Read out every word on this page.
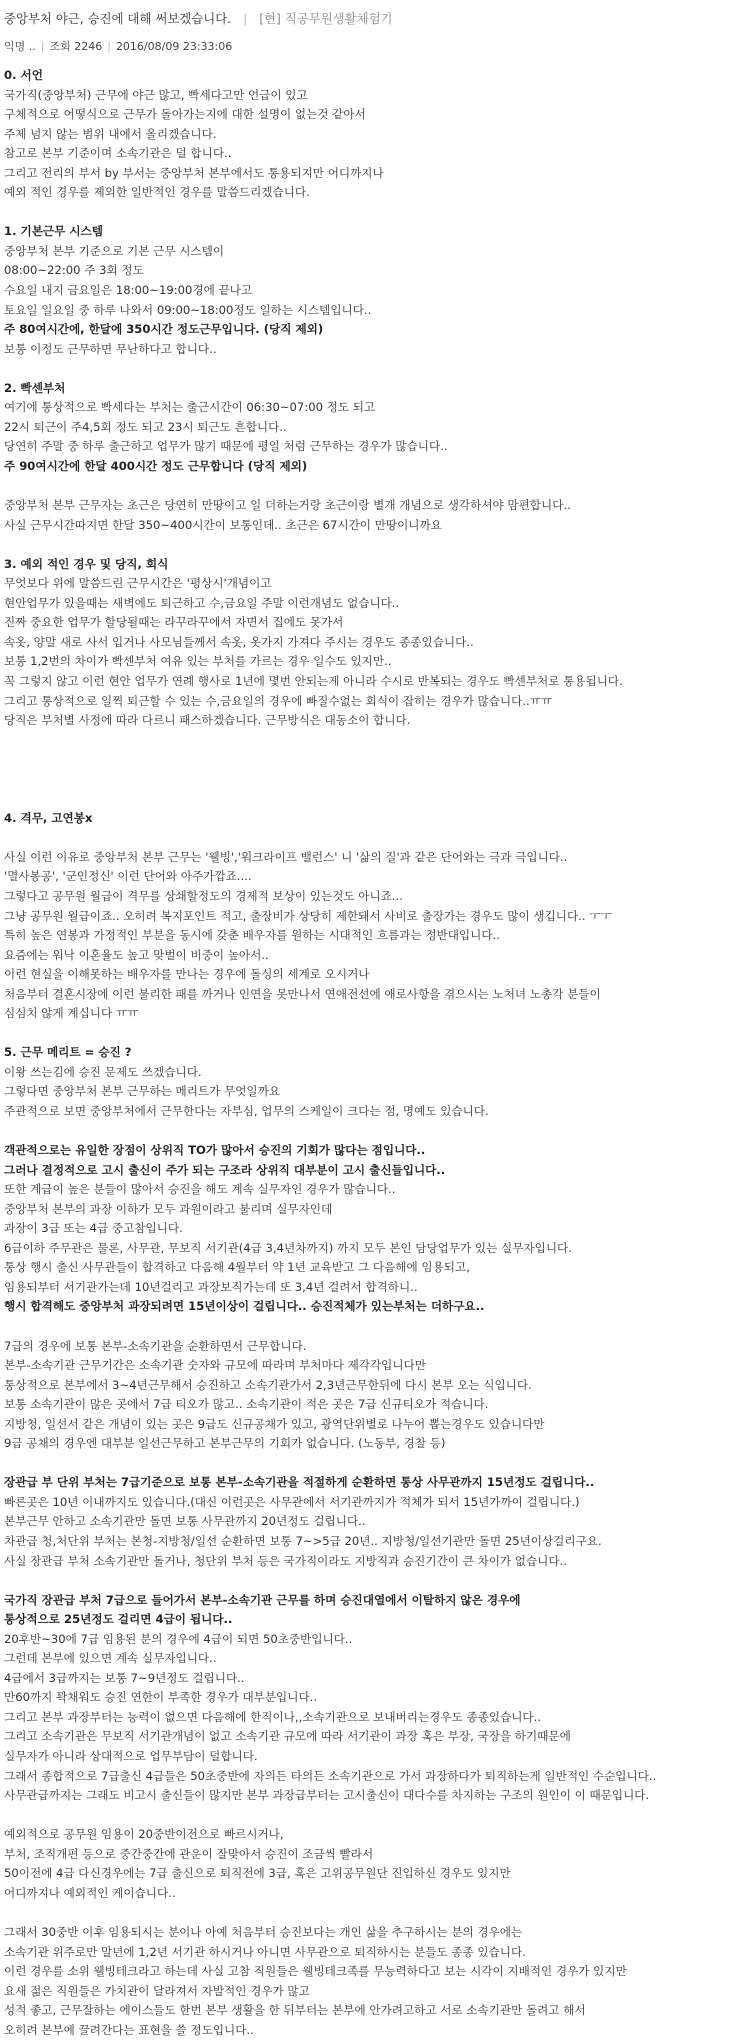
중앙부처 야근, 승진에 대해 써보겠습니다. | [현] 직공무원생활체험기
익명 .. | 조회 2246 | 2016/08/09 23:33:06

0. 서언

국가직(중앙부처) 근무에 야근 많고, 빡세다고만 언급이 있고

구체적으로 어떻식으로 근무가 돌아가는지에 대한 설명이 없는것 같아서

주제 넘지 않는 범위 내에서 올리겠습니다.

참고로 본부 기준이며 소속기관은 덜 합니다..

그리고 전리의 부서 by 부서는 중앙부처 본부에서도 통용되지만 어디까지나

예외 적인 경우를 제외한 일반적인 경우를 말씀드리겠습니다.

1. 기본근무 시스템

중앙부처 본부 기준으로 기본 근무 시스템이

08:00~22:00 주 3회 정도

수요일 내지 금요일은 18:00~19:00경에 끝나고

토요일 일요일 중 하루 나와서 09:00~18:00정도 일하는 시스템입니다..

주 80여시간에, 한달에 350시간 정도근무입니다. (당직 제외)

보통 이정도 근무하면 무난하다고 합니다..

2. 빡센부처

여기에 통상적으로 빡세다는 부처는 출근시간이 06:30~07:00 정도 되고

22시 퇴근이 주4,5회 정도 되고 23시 퇴근도 흔합니다..

당연히 주말 중 하루 출근하고 업무가 많기 때문에 평일 처럼 근무하는 경우가 많습니다..

주 90여시간에 한달 400시간 정도 근무합니다 (당직 제외)

중앙부처 본부 근무자는 초근은 당연히 만땅이고 일 더하는거랑 초근이랑 별개 개념으로 생각하셔야 맘편합니다..

사실 근무시간따지면 한달 350~400시간이 보통인데.. 초근은 67시간이 만땅이니까요

3. 예외 적인 경우 및 당직, 회식

무엇보다 위에 말씀드린 근무시간은 '평상시'개념이고

현안업무가 있을때는 새벽에도 퇴근하고 수,금요일 주말 이런개념도 없습니다..

진짜 중요한 업무가 할당될때는 라꾸라꾸에서 자면서 집에도 못가서

속옷, 양말 새로 사서 입거나 사모님들께서 속옷, 옷가지 가져다 주시는 경우도 종종있습니다..

보통 1,2번의 차이가 빡센부처 여유 있는 부처를 가르는 경우 일수도 있지만..

꼭 그렇지 않고 이런 현안 업무가 연례 행사로 1년에 몇번 안되는게 아니라 수시로 반복되는 경우도 빡센부처로 통용됩니다.

그리고 통상적으로 일찍 퇴근할 수 있는 수,금요일의 경우에 빠질수없는 회식이 잡히는 경우가 많습니다..ㅠㅠ

당직은 부처별 사정에 따라 다르니 패스하겠습니다. 근무방식은 대동소이 합니다.

4. 격무, 고연봉x

사실 이런 이유로 중앙부처 본부 근무는 '웰빙','워크라이프 밸런스' 니 '삶의 질'과 같은 단어와는 극과 극입니다..

'멸사봉공', '군인정신' 이런 단어와 아주가깝죠....

그렇다고 공무원 월급이 격무를 상쇄할정도의 경제적 보상이 있는것도 아니죠...

그냥 공무원 월급이죠.. 오히려 복지포인트 적고, 출장비가 상당히 제한돼서 사비로 출장가는 경우도 많이 생깁니다.. ㅜㅜ

특히 높은 연봉과 가정적인 부분을 동시에 갖춘 배우자를 원하는 시대적인 흐름과는 정반대입니다..

요즘에는 워낙 이혼율도 높고 맞벌이 비중이 높아서..

이런 현실을 이해못하는 배우자를 만나는 경우에 돌싱의 세계로 오시거나

처음부터 결혼시장에 이런 불리한 패를 까거나 인연을 못만나서 연애전선에 애로사항을 겪으시는 노처녀 노총각 분들이

심심치 않게 계십니다 ㅠㅠ

5. 근무 메리트 = 승진 ?

이왕 쓰는김에 승진 문제도 쓰겠습니다.

그렇다면 중앙부처 본부 근무하는 메리트가 무엇일까요

주관적으로 보면 중앙부처에서 근무한다는 자부심, 업무의 스케일이 크다는 점, 명예도 있습니다.

객관적으로는 유일한 장점이 상위직 TO가 많아서 승진의 기회가 많다는 점입니다..

그러나 결정적으로 고시 출신이 주가 되는 구조라 상위직 대부분이 고시 출신들입니다..

또한 계급이 높은 분들이 많아서 승진을 해도 계속 실무자인 경우가 많습니다..

중앙부처 본부의 과장 이하가 모두 과원이라고 불리며 실무자인데

과장이 3급 또는 4급 중고참입니다.

6급이하 주무관은 물론, 사무관, 무보직 서기관(4급 3,4년차까지) 까지 모두 본인 담당업무가 있는 실무자입니다.

통상 행시 출신 사무관들이 합격하고 다음해 4월부터 약 1년 교육받고 그 다음해에 임용되고,

임용되부터 서기관가는데 10년걸리고 과장보직가는데 또 3,4년 걸려서 합격하니..

행시 합격해도 중앙부처 과장되려면 15년이상이 걸립니다.. 승진적체가 있는부처는 더하구요..

7급의 경우에 보통 본부-소속기관을 순환하면서 근무합니다.

본부-소속기관 근무기간은 소속기관 숫자와 규모에 따라며 부처마다 제각각입니다만

통상적으로 본부에서 3~4년근무해서 승진하고 소속기관가서 2,3년근무한뒤에 다시 본부 오는 식입니다.

보통 소속기관이 많은 곳에서 7급 티오가 많고.. 소속기관이 적은 곳은 7급 신규티오가 적습니다.

지방청, 일선서 같은 개념이 있는 곳은 9급도 신규공채가 있고, 광역단위별로 나누어 뽑는경우도 있습니다만

9급 공채의 경우엔 대부분 일선근무하고 본부근무의 기회가 없습니다. (노동부, 경찰 등)

장관급 부 단위 부처는 7급기준으로 보통 본부-소속기관을 적절하게 순환하면 통상 사무관까지 15년정도 걸립니다..

빠른곳은 10년 이내까지도 있습니다.(대신 이런곳은 사무관에서 서기관까지가 적체가 되서 15년가까이 걸립니다.)

본부근무 안하고 소속기관만 돌면 보통 사무관까지 20년정도 걸립니다..

차관급 청,처단위 부처는 본청-지방청/일선 순환하면 보통 7~>5급 20년.. 지방청/일선기관만 돌면 25년이상걸리구요.

사실 장관급 부처 소속기관만 돌거나, 청단위 부처 등은 국가직이라도 지방직과 승진기간이 큰 차이가 없습니다..

국가직 장관급 부처 7급으로 들어가서 본부-소속기관 근무를 하며 승진대열에서 이탈하지 않은 경우에

통상적으로 25년정도 걸리면 4급이 됩니다..

20후반~30에 7급 임용된 분의 경우에 4급이 되면 50초중반입니다..

그런데 본부에 있으면 계속 실무자입니다..

4급에서 3급까지는 보통 7~9년정도 걸립니다..

만60까지 꽉채워도 승진 연한이 부족한 경우가 대부분입니다..

그리고 본부 과장부터는 능력이 없으면 다음해에 한직이나,,소속기관으로 보내버리는경우도 종종있습니다..

그리고 소속기관은 무보직 서기관개념이 없고 소속기관 규모에 따라 서기관이 과장 혹은 부장, 국장을 하기때문에

실무자가 아니라 상대적으로 업무부담이 덜합니다.

그래서 종합적으로 7급출신 4급들은 50초중반에 자의든 타의든 소속기관으로 가서 과장하다가 퇴직하는게 일반적인 수순입니다..

사무관급까지는 그래도 비고시 출신들이 많지만 본부 과장급부터는 고시출신이 대다수를 차지하는 구조의 원인이 이 때문입니다.

예외적으로 공무원 임용이 20중반이전으로 빠르시거나,

부처, 조직개편 등으로 중간중간에 관운이 잘맞아서 승진이 조금씩 빨라서

50이전에 4급 다신경우에는 7급 출신으로 퇴직전에 3급, 혹은 고위공무원단 진입하신 경우도 있지만

어디까지나 예외적인 케이습니다..

그래서 30중반 이후 임용되시는 분이나 아예 처음부터 승진보다는 개인 삶을 추구하시는 분의 경우에는

소속기관 위주로만 말년에 1,2년 서기관 하시거나 아니면 사무관으로 퇴직하시는 분들도 종종 있습니다.

이런 경우를 소위 웰빙테크라고 하는데 사실 고참 직원들은 웰빙테크족를 무능력하다고 보는 시각이 지배적인 경우가 있지만

요새 젊은 직원들은 가치관이 달라져서 자발적인 경우가 많고

성적 좋고, 근무잘하는 에이스들도 한번 본부 생활을 한 뒤부터는 본부에 안가려고하고 서로 소속기관만 돌려고 해서

오히려 본부에 끌려간다는 표현을 쓸 정도입니다..
